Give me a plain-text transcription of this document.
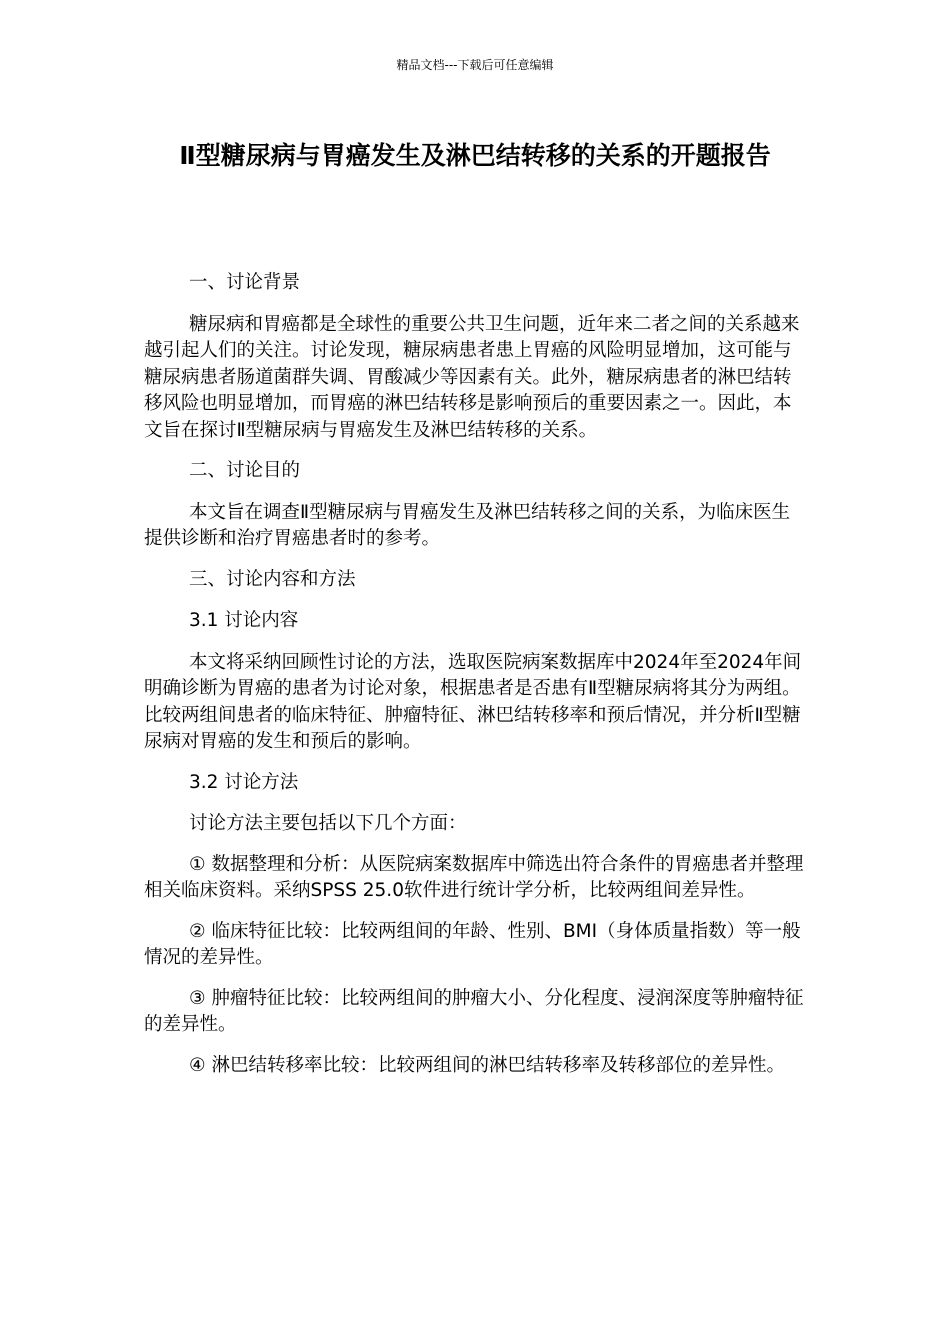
精品文档---下载后可任意编辑
Ⅱ型糖尿病与胃癌发生及淋巴结转移的关系的开题报告

一、讨论背景

糖尿病和胃癌都是全球性的重要公共卫生问题，近年来二者之间的关系越来越引起人们的关注。讨论发现，糖尿病患者患上胃癌的风险明显增加，这可能与糖尿病患者肠道菌群失调、胃酸减少等因素有关。此外，糖尿病患者的淋巴结转移风险也明显增加，而胃癌的淋巴结转移是影响预后的重要因素之一。因此，本文旨在探讨Ⅱ型糖尿病与胃癌发生及淋巴结转移的关系。

二、讨论目的

本文旨在调查Ⅱ型糖尿病与胃癌发生及淋巴结转移之间的关系，为临床医生提供诊断和治疗胃癌患者时的参考。

三、讨论内容和方法

3.1 讨论内容

本文将采纳回顾性讨论的方法，选取医院病案数据库中2024年至2024年间明确诊断为胃癌的患者为讨论对象，根据患者是否患有Ⅱ型糖尿病将其分为两组。比较两组间患者的临床特征、肿瘤特征、淋巴结转移率和预后情况，并分析Ⅱ型糖尿病对胃癌的发生和预后的影响。

3.2 讨论方法

讨论方法主要包括以下几个方面：

① 数据整理和分析：从医院病案数据库中筛选出符合条件的胃癌患者并整理相关临床资料。采纳SPSS 25.0软件进行统计学分析，比较两组间差异性。

② 临床特征比较：比较两组间的年龄、性别、BMI（身体质量指数）等一般情况的差异性。

③ 肿瘤特征比较：比较两组间的肿瘤大小、分化程度、浸润深度等肿瘤特征的差异性。

④ 淋巴结转移率比较：比较两组间的淋巴结转移率及转移部位的差异性。
